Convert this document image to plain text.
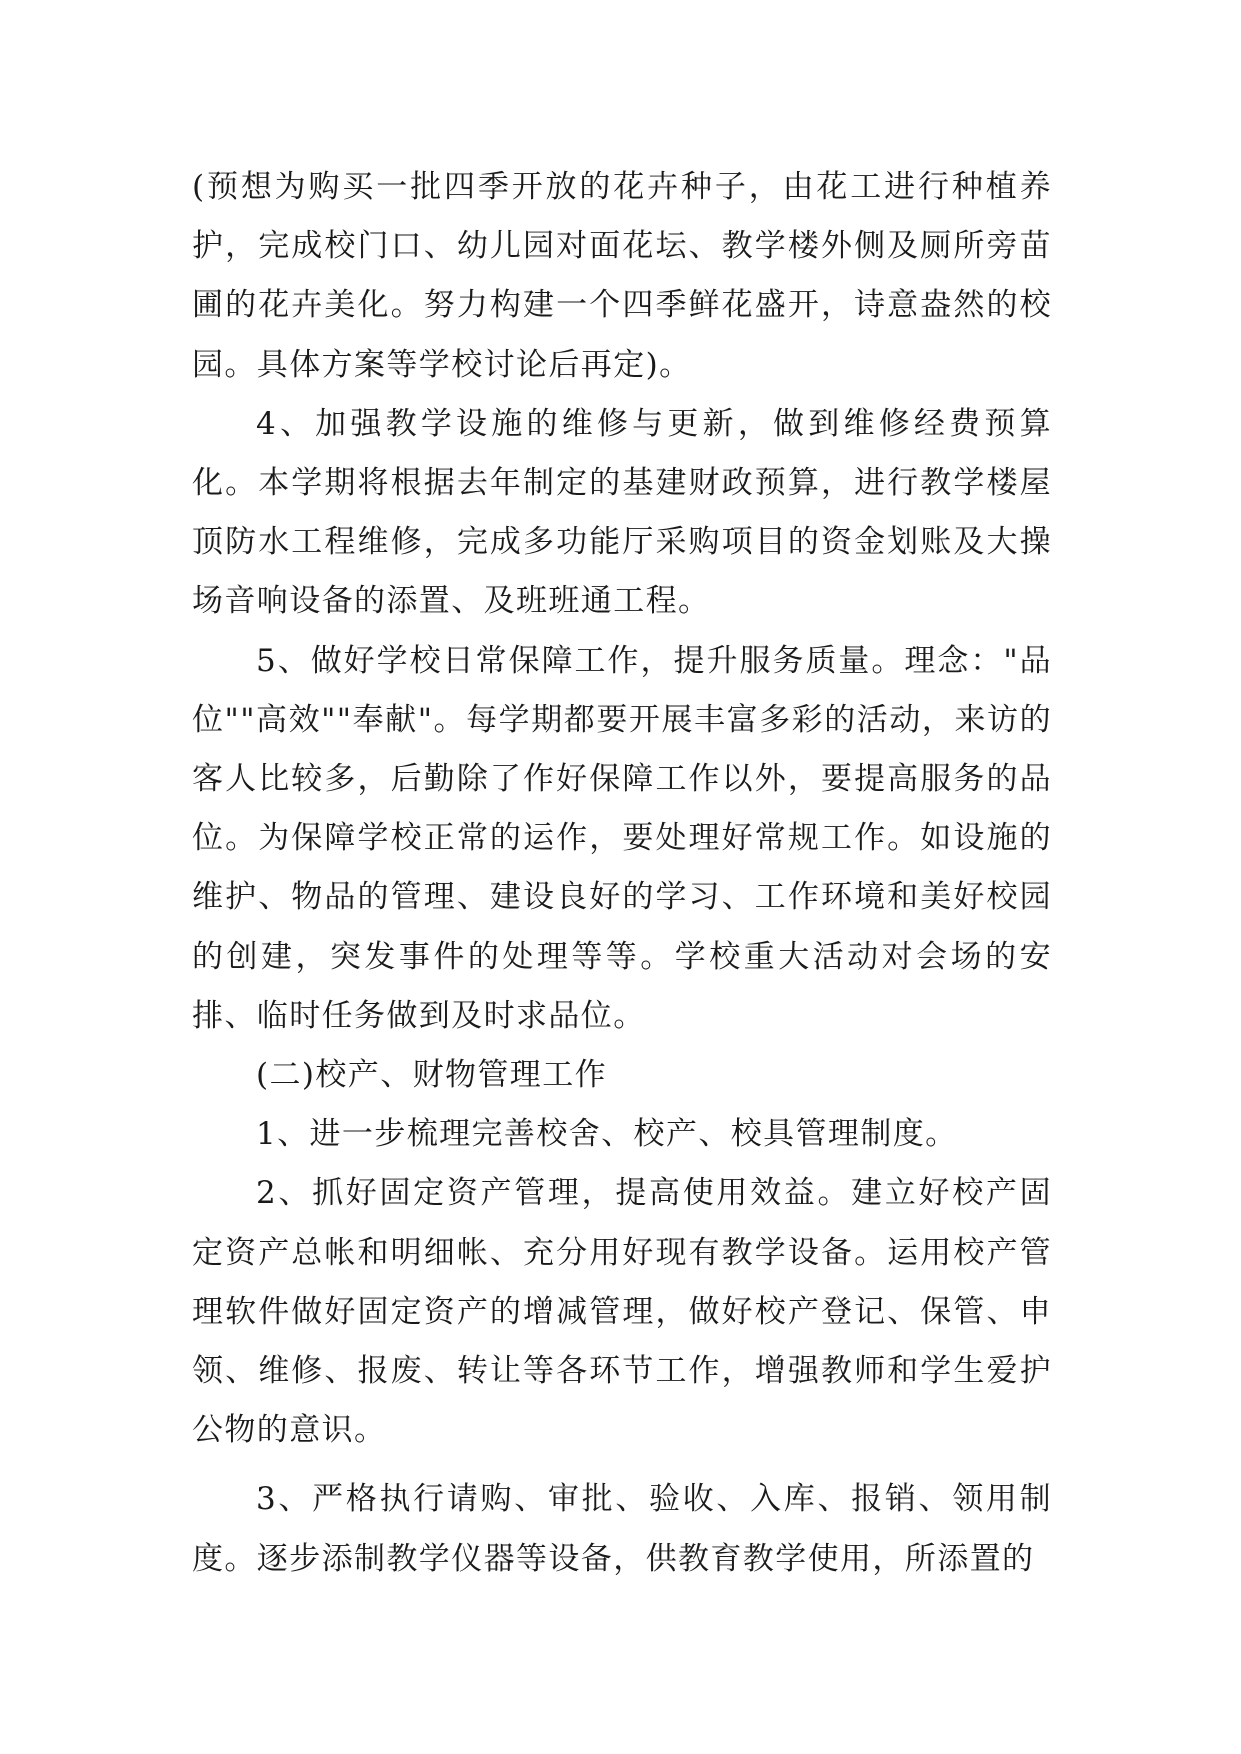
(预想为购买一批四季开放的花卉种子，由花工进行种植养护，完成校门口、幼儿园对面花坛、教学楼外侧及厕所旁苗圃的花卉美化。努力构建一个四季鲜花盛开，诗意盎然的校园。具体方案等学校讨论后再定)。

4、加强教学设施的维修与更新，做到维修经费预算化。本学期将根据去年制定的基建财政预算，进行教学楼屋顶防水工程维修，完成多功能厅采购项目的资金划账及大操场音响设备的添置、及班班通工程。

5、做好学校日常保障工作，提升服务质量。理念："品位""高效""奉献"。每学期都要开展丰富多彩的活动，来访的客人比较多，后勤除了作好保障工作以外，要提高服务的品位。为保障学校正常的运作，要处理好常规工作。如设施的维护、物品的管理、建设良好的学习、工作环境和美好校园的创建，突发事件的处理等等。学校重大活动对会场的安排、临时任务做到及时求品位。

(二)校产、财物管理工作

1、进一步梳理完善校舍、校产、校具管理制度。

2、抓好固定资产管理，提高使用效益。建立好校产固定资产总帐和明细帐、充分用好现有教学设备。运用校产管理软件做好固定资产的增减管理，做好校产登记、保管、申领、维修、报废、转让等各环节工作，增强教师和学生爱护公物的意识。

3、严格执行请购、审批、验收、入库、报销、领用制度。逐步添制教学仪器等设备，供教育教学使用，所添置的
